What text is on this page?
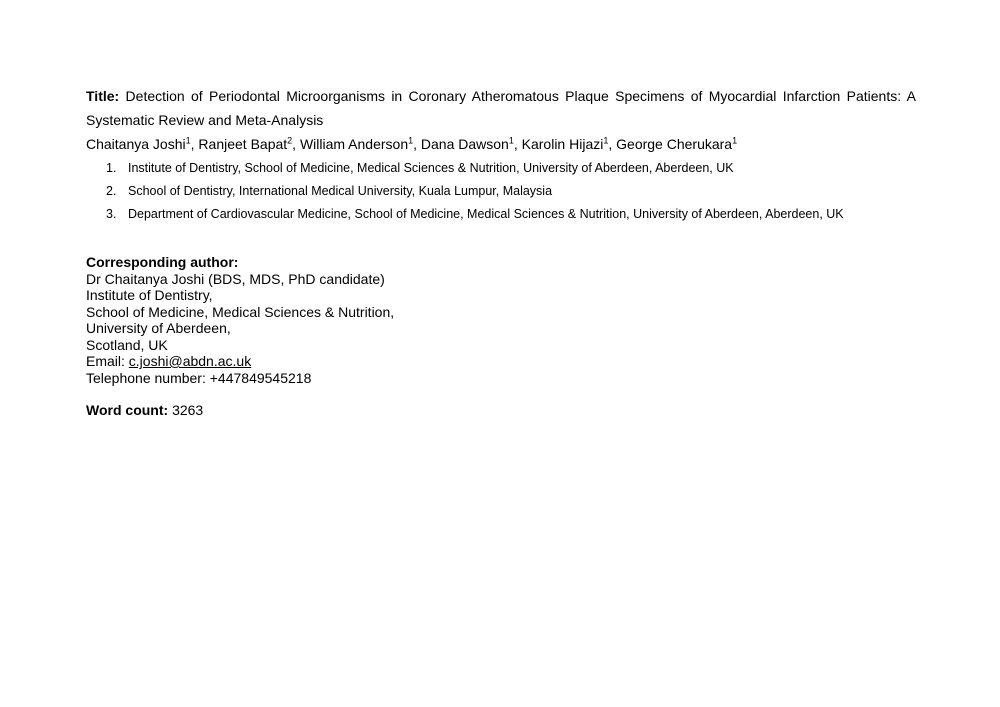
Title: Detection of Periodontal Microorganisms in Coronary Atheromatous Plaque Specimens of Myocardial Infarction Patients: A Systematic Review and Meta-Analysis
Chaitanya Joshi$^1$, Ranjeet Bapat$^2$, William Anderson$^1$, Dana Dawson$^1$, Karolin Hijazi$^1$, George Cherukara$^1$
1. Institute of Dentistry, School of Medicine, Medical Sciences & Nutrition, University of Aberdeen, Aberdeen, UK
2. School of Dentistry, International Medical University, Kuala Lumpur, Malaysia
3. Department of Cardiovascular Medicine, School of Medicine, Medical Sciences & Nutrition, University of Aberdeen, Aberdeen, UK
Corresponding author:
Dr Chaitanya Joshi (BDS, MDS, PhD candidate)
Institute of Dentistry,
School of Medicine, Medical Sciences & Nutrition,
University of Aberdeen,
Scotland, UK
Email: c.joshi@abdn.ac.uk
Telephone number: +447849545218
Word count: 3263
